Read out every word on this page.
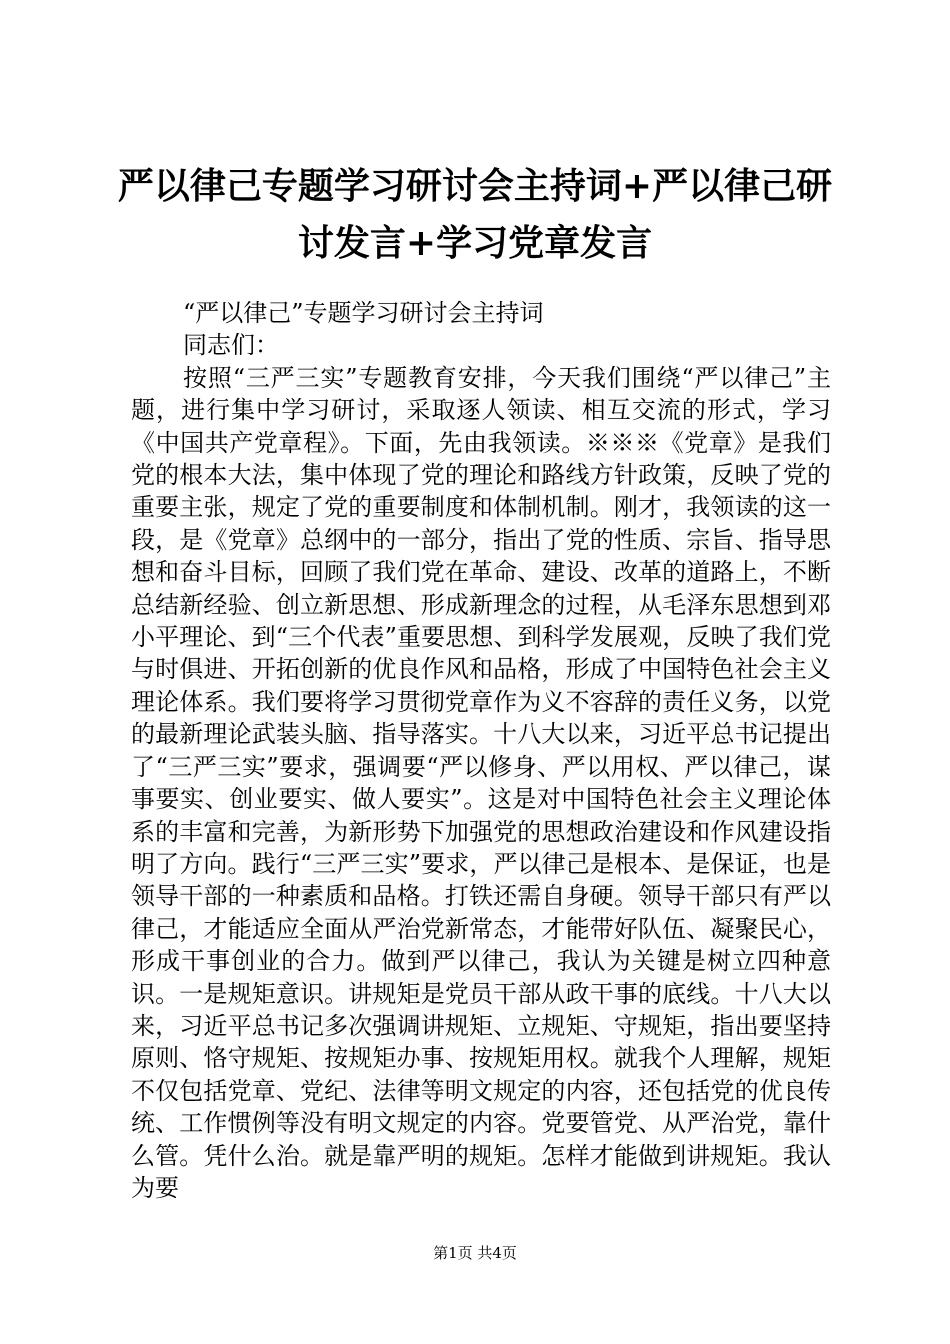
严以律己专题学习研讨会主持词+严以律己研
讨发言+学习党章发言

“严以律己”专题学习研讨会主持词

同志们：

按照“三严三实”专题教育安排，今天我们围绕“严以律己”主题，进行集中学习研讨，采取逐人领读、相互交流的形式，学习《中国共产党章程》。下面，先由我领读。※※※《党章》是我们党的根本大法，集中体现了党的理论和路线方针政策，反映了党的重要主张，规定了党的重要制度和体制机制。刚才，我领读的这一段，是《党章》总纲中的一部分，指出了党的性质、宗旨、指导思想和奋斗目标，回顾了我们党在革命、建设、改革的道路上，不断总结新经验、创立新思想、形成新理念的过程，从毛泽东思想到邓小平理论、到“三个代表”重要思想、到科学发展观，反映了我们党与时俱进、开拓创新的优良作风和品格，形成了中国特色社会主义理论体系。我们要将学习贯彻党章作为义不容辞的责任义务，以党的最新理论武装头脑、指导落实。十八大以来，习近平总书记提出了“三严三实”要求，强调要“严以修身、严以用权、严以律己，谋事要实、创业要实、做人要实”。这是对中国特色社会主义理论体系的丰富和完善，为新形势下加强党的思想政治建设和作风建设指明了方向。践行“三严三实”要求，严以律己是根本、是保证，也是领导干部的一种素质和品格。打铁还需自身硬。领导干部只有严以律己，才能适应全面从严治党新常态，才能带好队伍、凝聚民心，形成干事创业的合力。做到严以律己，我认为关键是树立四种意识。一是规矩意识。讲规矩是党员干部从政干事的底线。十八大以来，习近平总书记多次强调讲规矩、立规矩、守规矩，指出要坚持原则、恪守规矩、按规矩办事、按规矩用权。就我个人理解，规矩不仅包括党章、党纪、法律等明文规定的内容，还包括党的优良传统、工作惯例等没有明文规定的内容。党要管党、从严治党，靠什么管。凭什么治。就是靠严明的规矩。怎样才能做到讲规矩。我认为要

第1页 共4页
